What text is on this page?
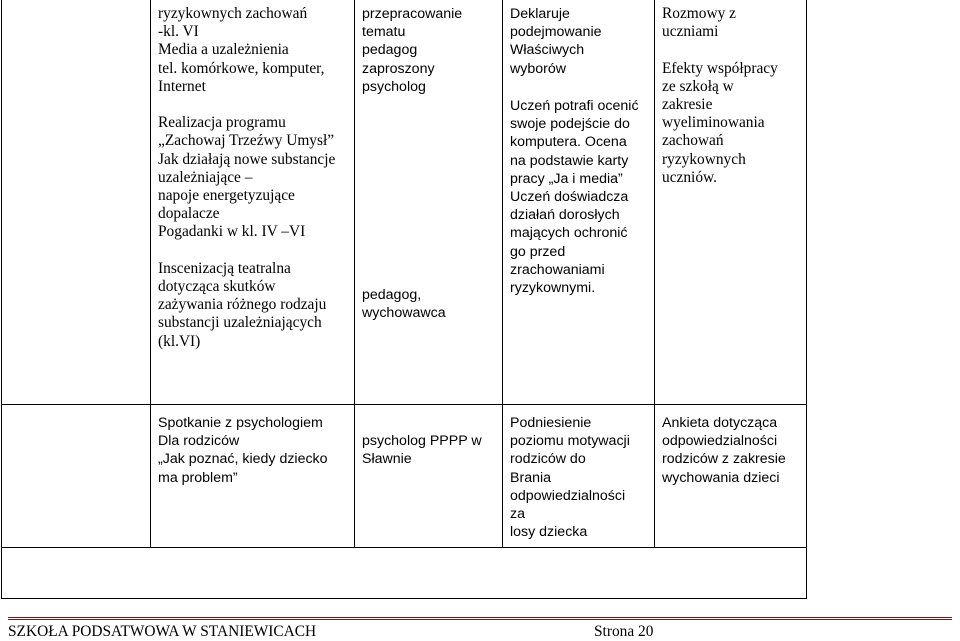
ryzykownych zachowań
-kl. VI
Media a uzależnienia
tel. komórkowe, komputer,
Internet
Realizacja programu
„Zachowaj Trzeźwy Umysł”
Jak działają nowe substancje
uzależniające –
napoje energetyzujące
dopalacze
Pogadanki w kl. IV –VI
Inscenizacją teatralna
dotycząca skutków
zażywania różnego rodzaju
substancji uzależniających
(kl.VI)
przepracowanie
tematu
pedagog
zaproszony
psycholog
pedagog,
wychowawca
Deklaruje
podejmowanie
Właściwych
wyborów
Uczeń potrafi ocenić
swoje podejście do
komputera. Ocena
na podstawie karty
pracy „Ja i media”
Uczeń doświadcza
działań dorosłych
mających ochronić
go przed
zrachowaniami
ryzykownymi.
Rozmowy z
uczniami
Efekty współpracy
ze szkołą w
zakresie
wyeliminowania
zachowań
ryzykownych
uczniów.
Spotkanie z psychologiem
Dla rodziców
„Jak poznać, kiedy dziecko
ma problem”
psycholog PPPP w
Sławnie
Podniesienie
poziomu motywacji
rodziców do
Brania
odpowiedzialności
za
losy dziecka
Ankieta dotycząca
odpowiedzialności
rodziców z zakresie
wychowania dzieci
SZKOŁA PODSATWOWA W STANIEWICACH	Strona 20
